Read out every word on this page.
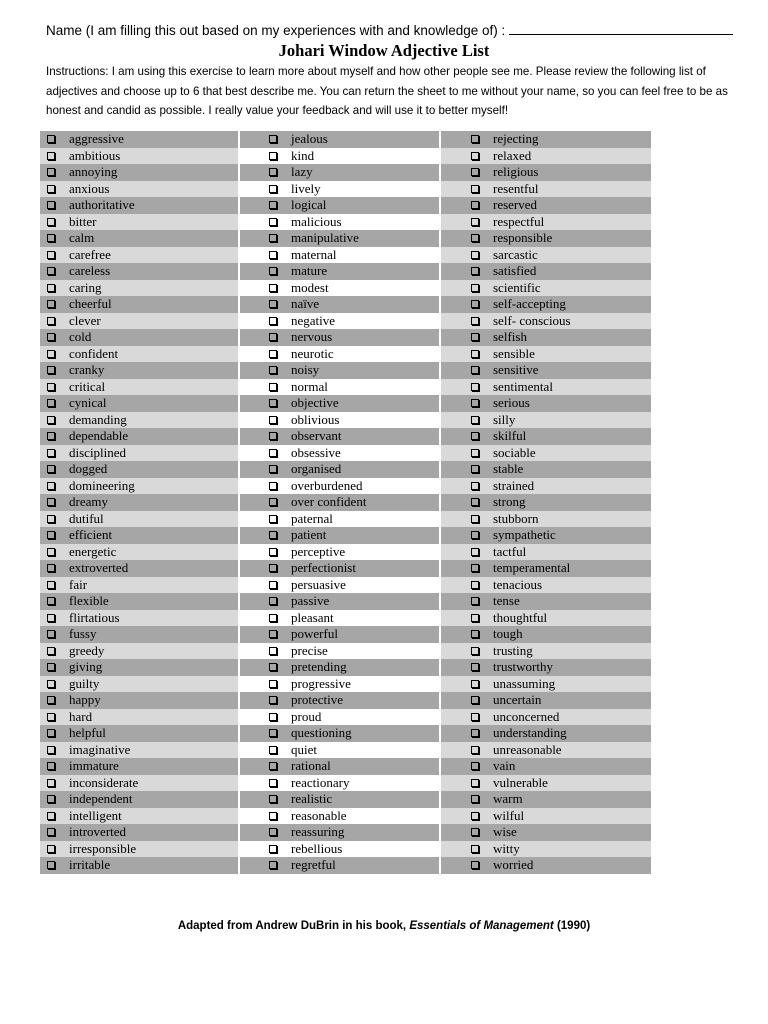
Name (I am filling this out based on my experiences with and knowledge of) :
Johari Window Adjective List
Instructions: I am using this exercise to learn more about myself and how other people see me. Please review the following list of adjectives and choose up to 6 that best describe me. You can return the sheet to me without your name, so you can feel free to be as honest and candid as possible. I really value your feedback and will use it to better myself!
aggressive
ambitious
annoying
anxious
authoritative
bitter
calm
carefree
careless
caring
cheerful
clever
cold
confident
cranky
critical
cynical
demanding
dependable
disciplined
dogged
domineering
dreamy
dutiful
efficient
energetic
extroverted
fair
flexible
flirtatious
fussy
greedy
giving
guilty
happy
hard
helpful
imaginative
immature
inconsiderate
independent
intelligent
introverted
irresponsible
irritable
jealous
kind
lazy
lively
logical
malicious
manipulative
maternal
mature
modest
naïve
negative
nervous
neurotic
noisy
normal
objective
oblivious
observant
obsessive
organised
overburdened
over confident
paternal
patient
perceptive
perfectionist
persuasive
passive
pleasant
powerful
precise
pretending
progressive
protective
proud
questioning
quiet
rational
reactionary
realistic
reasonable
reassuring
rebellious
regretful
rejecting
relaxed
religious
resentful
reserved
respectful
responsible
sarcastic
satisfied
scientific
self-accepting
self- conscious
selfish
sensible
sensitive
sentimental
serious
silly
skilful
sociable
stable
strained
strong
stubborn
sympathetic
tactful
temperamental
tenacious
tense
thoughtful
tough
trusting
trustworthy
unassuming
uncertain
unconcerned
understanding
unreasonable
vain
vulnerable
warm
wilful
wise
witty
worried
Adapted from Andrew DuBrin in his book, Essentials of Management (1990)
